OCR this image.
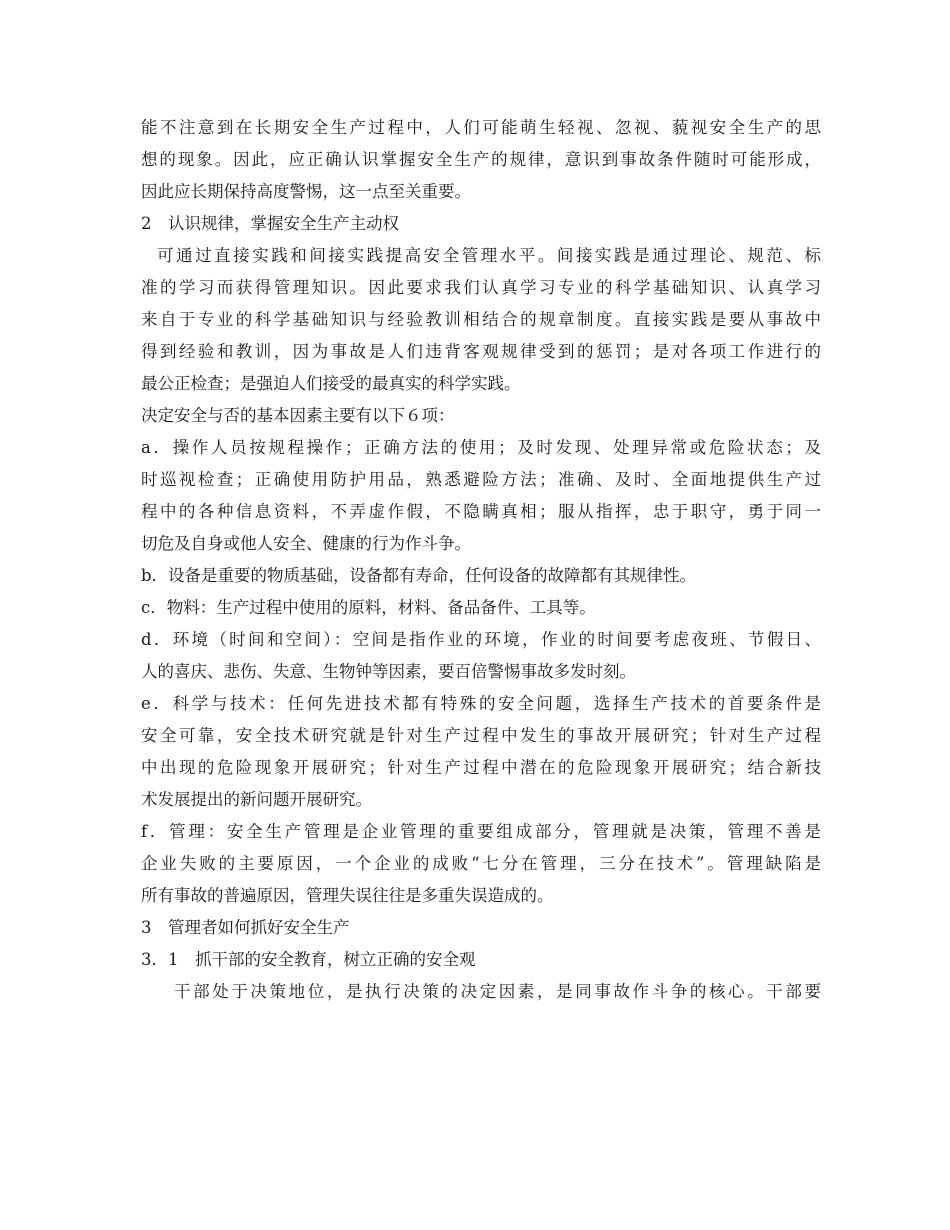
能不注意到在长期安全生产过程中，人们可能萌生轻视、忽视、藐视安全生产的思
想的现象。因此，应正确认识掌握安全生产的规律，意识到事故条件随时可能形成，
因此应长期保持高度警惕，这一点至关重要。
2　认识规律，掌握安全生产主动权
可通过直接实践和间接实践提高安全管理水平。间接实践是通过理论、规范、标
准的学习而获得管理知识。因此要求我们认真学习专业的科学基础知识、认真学习
来自于专业的科学基础知识与经验教训相结合的规章制度。直接实践是要从事故中
得到经验和教训，因为事故是人们违背客观规律受到的惩罚；是对各项工作进行的
最公正检查；是强迫人们接受的最真实的科学实践。
决定安全与否的基本因素主要有以下６项：
a．操作人员按规程操作；正确方法的使用；及时发现、处理异常或危险状态；及
时巡视检查；正确使用防护用品，熟悉避险方法；准确、及时、全面地提供生产过
程中的各种信息资料，不弄虚作假，不隐瞒真相；服从指挥，忠于职守，勇于同一
切危及自身或他人安全、健康的行为作斗争。
b．设备是重要的物质基础，设备都有寿命，任何设备的故障都有其规律性。
c．物料：生产过程中使用的原料，材料、备品备件、工具等。
d．环境（时间和空间）：空间是指作业的环境，作业的时间要考虑夜班、节假日、
人的喜庆、悲伤、失意、生物钟等因素，要百倍警惕事故多发时刻。
e．科学与技术：任何先进技术都有特殊的安全问题，选择生产技术的首要条件是
安全可靠，安全技术研究就是针对生产过程中发生的事故开展研究；针对生产过程
中出现的危险现象开展研究；针对生产过程中潜在的危险现象开展研究；结合新技
术发展提出的新问题开展研究。
f．管理：安全生产管理是企业管理的重要组成部分，管理就是决策，管理不善是
企业失败的主要原因，一个企业的成败“七分在管理，三分在技术”。管理缺陷是
所有事故的普遍原因，管理失误往往是多重失误造成的。
3　管理者如何抓好安全生产
3．1　抓干部的安全教育，树立正确的安全观
干部处于决策地位，是执行决策的决定因素，是同事故作斗争的核心。干部要
